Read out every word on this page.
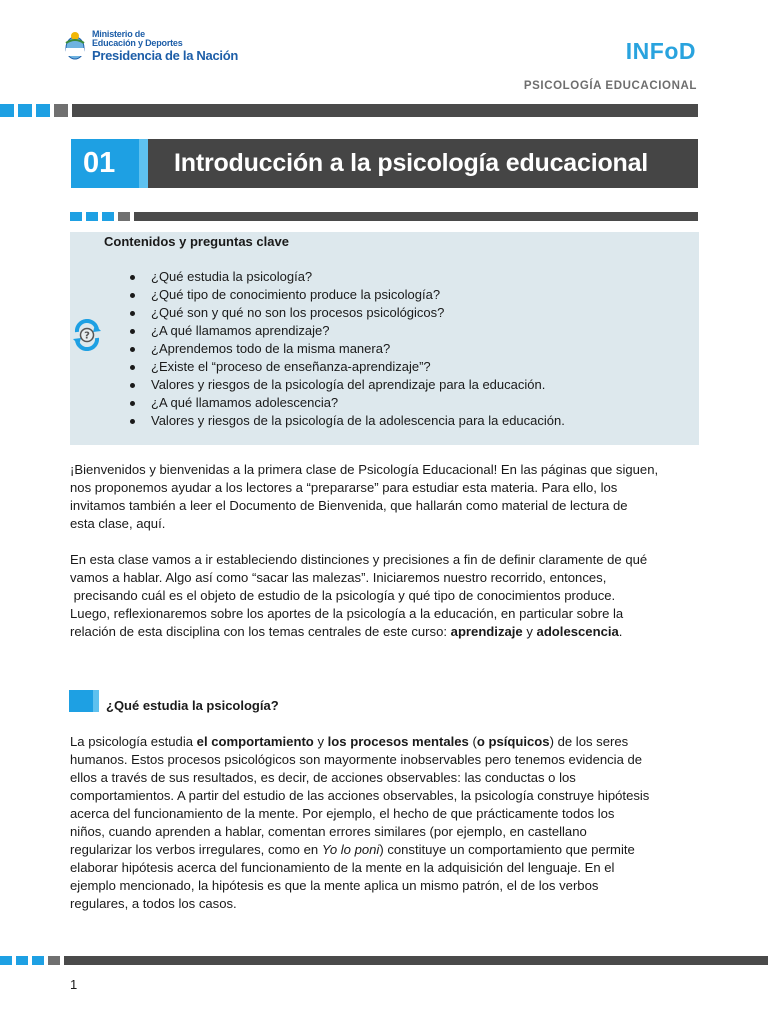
Ministerio de
Educación y Deportes
Presidencia de la Nación	INFoD
PSICOLOGÍA EDUCACIONAL
01	Introducción a la psicología educacional
Contenidos y preguntas clave
?
¿Qué estudia la psicología?
¿Qué tipo de conocimiento produce la psicología?
¿Qué son y qué no son los procesos psicológicos?
¿A qué llamamos aprendizaje?
¿Aprendemos todo de la misma manera?
¿Existe el “proceso de enseñanza-aprendizaje”?
Valores y riesgos de la psicología del aprendizaje para la educación.
¿A qué llamamos adolescencia?
Valores y riesgos de la psicología de la adolescencia para la educación.
¡Bienvenidos y bienvenidas a la primera clase de Psicología Educacional! En las páginas que siguen,
nos proponemos ayudar a los lectores a “prepararse” para estudiar esta materia. Para ello, los
invitamos también a leer el Documento de Bienvenida, que hallarán como material de lectura de
esta clase, aquí.
En esta clase vamos a ir estableciendo distinciones y precisiones a fin de definir claramente de qué
vamos a hablar. Algo así como “sacar las malezas”. Iniciaremos nuestro recorrido, entonces,
precisando cuál es el objeto de estudio de la psicología y qué tipo de conocimientos produce.
Luego, reflexionaremos sobre los aportes de la psicología a la educación, en particular sobre la
relación de esta disciplina con los temas centrales de este curso: aprendizaje y adolescencia.
¿Qué estudia la psicología?
La psicología estudia el comportamiento y los procesos mentales (o psíquicos) de los seres
humanos. Estos procesos psicológicos son mayormente inobservables pero tenemos evidencia de
ellos a través de sus resultados, es decir, de acciones observables: las conductas o los
comportamientos. A partir del estudio de las acciones observables, la psicología construye hipótesis
acerca del funcionamiento de la mente. Por ejemplo, el hecho de que prácticamente todos los
niños, cuando aprenden a hablar, comentan errores similares (por ejemplo, en castellano
regularizar los verbos irregulares, como en Yo lo poni) constituye un comportamiento que permite
elaborar hipótesis acerca del funcionamiento de la mente en la adquisición del lenguaje. En el
ejemplo mencionado, la hipótesis es que la mente aplica un mismo patrón, el de los verbos
regulares, a todos los casos.
1
